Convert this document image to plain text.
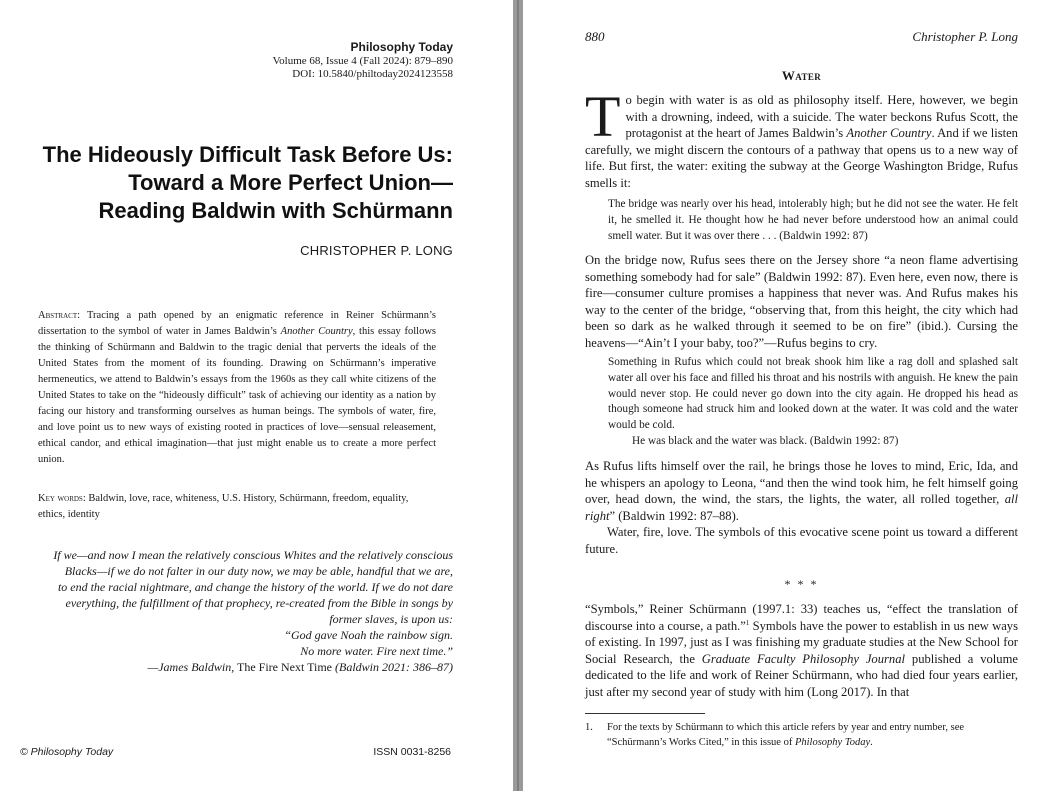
Philosophy Today
Volume 68, Issue 4 (Fall 2024): 879–890
DOI: 10.5840/philtoday2024123558
The Hideously Difficult Task Before Us:
Toward a More Perfect Union—
Reading Baldwin with Schürmann
CHRISTOPHER P. LONG
Abstract: Tracing a path opened by an enigmatic reference in Reiner Schürmann’s dissertation to the symbol of water in James Baldwin’s Another Country, this essay follows the thinking of Schürmann and Baldwin to the tragic denial that perverts the ideals of the United States from the moment of its founding. Drawing on Schürmann’s imperative hermeneutics, we attend to Baldwin’s essays from the 1960s as they call white citizens of the United States to take on the “hideously difficult” task of achieving our identity as a nation by facing our history and transforming ourselves as human beings. The symbols of water, fire, and love point us to new ways of existing rooted in practices of love—sensual releasement, ethical candor, and ethical imagination—that just might enable us to create a more perfect union.
Key words: Baldwin, love, race, whiteness, U.S. History, Schürmann, freedom, equality, ethics, identity
If we—and now I mean the relatively conscious Whites and the relatively conscious Blacks—if we do not falter in our duty now, we may be able, handful that we are, to end the racial nightmare, and change the history of the world. If we do not dare everything, the fulfillment of that prophecy, re-created from the Bible in songs by former slaves, is upon us:
“God gave Noah the rainbow sign.
No more water. Fire next time.”
—James Baldwin, The Fire Next Time (Baldwin 2021: 386–87)
© Philosophy Today	ISSN 0031-8256
880	Christopher P. Long
Water
To begin with water is as old as philosophy itself. Here, however, we begin with a drowning, indeed, with a suicide. The water beckons Rufus Scott, the protagonist at the heart of James Baldwin’s Another Country. And if we listen carefully, we might discern the contours of a pathway that opens us to a new way of life. But first, the water: exiting the subway at the George Washington Bridge, Rufus smells it:
The bridge was nearly over his head, intolerably high; but he did not see the water. He felt it, he smelled it. He thought how he had never before understood how an animal could smell water. But it was over there . . . (Baldwin 1992: 87)
On the bridge now, Rufus sees there on the Jersey shore “a neon flame advertising something somebody had for sale” (Baldwin 1992: 87). Even here, even now, there is fire—consumer culture promises a happiness that never was. And Rufus makes his way to the center of the bridge, “observing that, from this height, the city which had been so dark as he walked through it seemed to be on fire” (ibid.). Cursing the heavens—“Ain’t I your baby, too?”—Rufus begins to cry.
Something in Rufus which could not break shook him like a rag doll and splashed salt water all over his face and filled his throat and his nostrils with anguish. He knew the pain would never stop. He could never go down into the city again. He dropped his head as though someone had struck him and looked down at the water. It was cold and the water would be cold.
He was black and the water was black. (Baldwin 1992: 87)
As Rufus lifts himself over the rail, he brings those he loves to mind, Eric, Ida, and he whispers an apology to Leona, “and then the wind took him, he felt himself going over, head down, the wind, the stars, the lights, the water, all rolled together, all right” (Baldwin 1992: 87–88).
Water, fire, love. The symbols of this evocative scene point us toward a different future.
* * *
“Symbols,” Reiner Schürmann (1997.1: 33) teaches us, “effect the translation of discourse into a course, a path.”$^1$ Symbols have the power to establish in us new ways of existing. In 1997, just as I was finishing my graduate studies at the New School for Social Research, the Graduate Faculty Philosophy Journal published a volume dedicated to the life and work of Reiner Schürmann, who had died four years earlier, just after my second year of study with him (Long 2017). In that
1. For the texts by Schürmann to which this article refers by year and entry number, see “Schürmann’s Works Cited,” in this issue of Philosophy Today.
